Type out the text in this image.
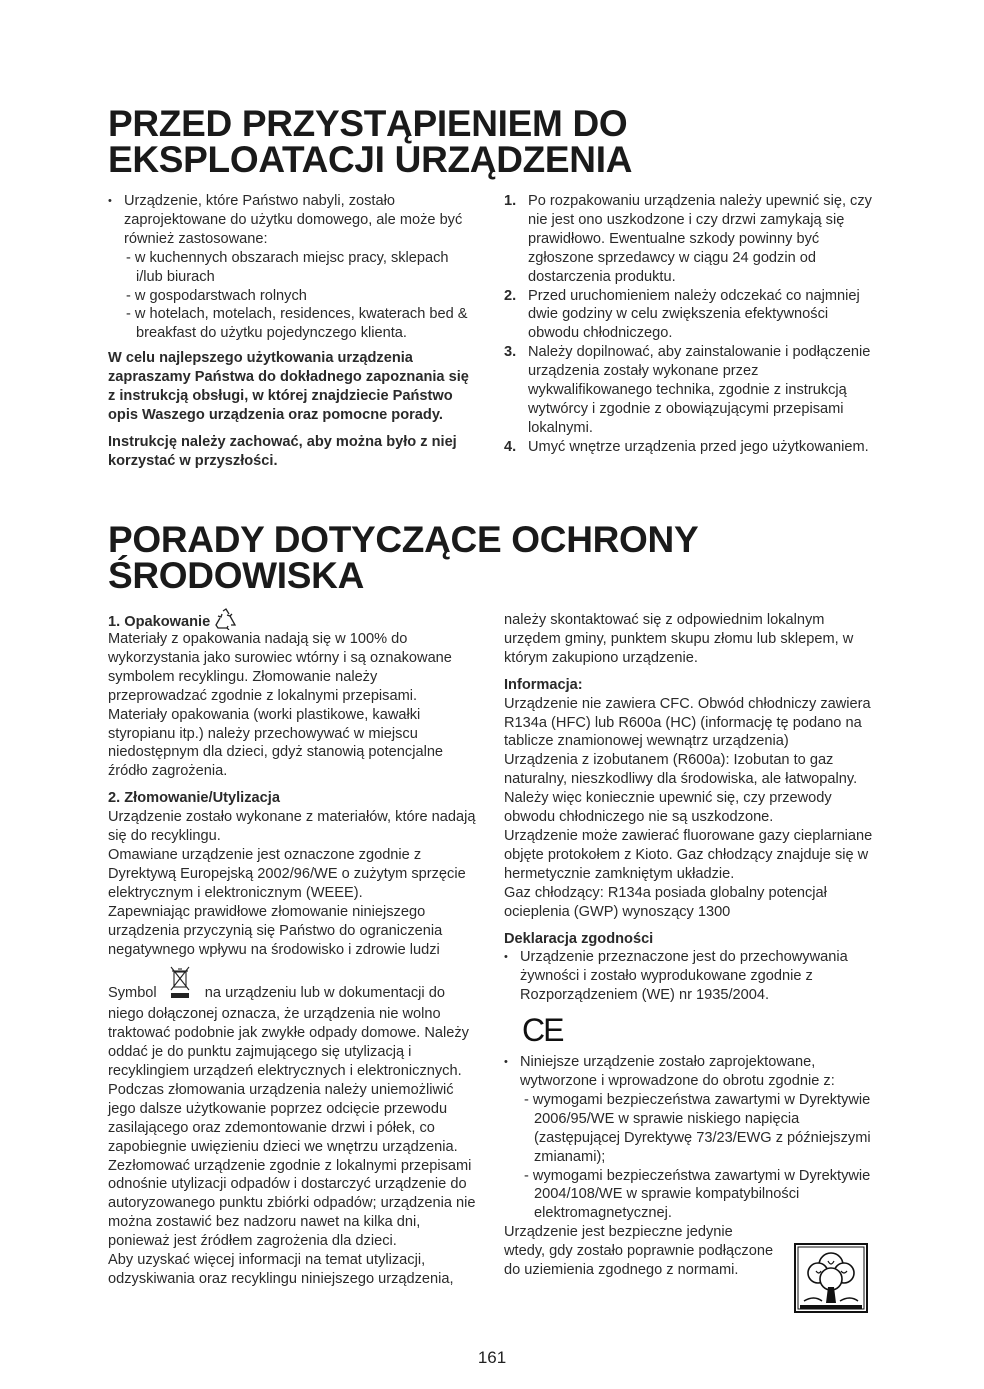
PRZED PRZYSTĄPIENIEM DO
EKSPLOATACJI URZĄDZENIA

• Urządzenie, które Państwo nabyli, zostało zaprojektowane do użytku domowego, ale może być również zastosowane:

- w kuchennych obszarach miejsc pracy, sklepach i/lub biurach

- w gospodarstwach rolnych

- w hotelach, motelach, residences, kwaterach bed & breakfast do użytku pojedynczego klienta.

W celu najlepszego użytkowania urządzenia zapraszamy Państwa do dokładnego zapoznania się z instrukcją obsługi, w której znajdziecie Państwo opis Waszego urządzenia oraz pomocne porady.

Instrukcję należy zachować, aby można było z niej korzystać w przyszłości.

1. Po rozpakowaniu urządzenia należy upewnić się, czy nie jest ono uszkodzone i czy drzwi zamykają się prawidłowo. Ewentualne szkody powinny być zgłoszone sprzedawcy w ciągu 24 godzin od dostarczenia produktu.

2. Przed uruchomieniem należy odczekać co najmniej dwie godziny w celu zwiększenia efektywności obwodu chłodniczego.

3. Należy dopilnować, aby zainstalowanie i podłączenie urządzenia zostały wykonane przez wykwalifikowanego technika, zgodnie z instrukcją wytwórcy i zgodnie z obowiązującymi przepisami lokalnymi.

4. Umyć wnętrze urządzenia przed jego użytkowaniem.

PORADY DOTYCZĄCE OCHRONY
ŚRODOWISKA

1. Opakowanie

Materiały z opakowania nadają się w 100% do wykorzystania jako surowiec wtórny i są oznakowane symbolem recyklingu. Złomowanie należy przeprowadzać zgodnie z lokalnymi przepisami. Materiały opakowania (worki plastikowe, kawałki styropianu itp.) należy przechowywać w miejscu niedostępnym dla dzieci, gdyż stanowią potencjalne źródło zagrożenia.

2. Złomowanie/Utylizacja

Urządzenie zostało wykonane z materiałów, które nadają się do recyklingu.

Omawiane urządzenie jest oznaczone zgodnie z Dyrektywą Europejską 2002/96/WE o zużytym sprzęcie elektrycznym i elektronicznym (WEEE).

Zapewniając prawidłowe złomowanie niniejszego urządzenia przyczynią się Państwo do ograniczenia negatywnego wpływu na środowisko i zdrowie ludzi

Symbol	na urządzeniu lub w dokumentacji do niego dołączonej oznacza, że urządzenia nie wolno traktować podobnie jak zwykłe odpady domowe. Należy oddać je do punktu zajmującego się utylizacją i recyklingiem urządzeń elektrycznych i elektronicznych. Podczas złomowania urządzenia należy uniemożliwić jego dalsze użytkowanie poprzez odcięcie przewodu zasilającego oraz zdemontowanie drzwi i półek, co zapobiegnie uwięzieniu dzieci we wnętrzu urządzenia. Zezłomować urządzenie zgodnie z lokalnymi przepisami odnośnie utylizacji odpadów i dostarczyć urządzenie do autoryzowanego punktu zbiórki odpadów; urządzenia nie można zostawić bez nadzoru nawet na kilka dni, ponieważ jest źródłem zagrożenia dla dzieci.

Aby uzyskać więcej informacji na temat utylizacji, odzyskiwania oraz recyklingu niniejszego urządzenia,

należy skontaktować się z odpowiednim lokalnym urzędem gminy, punktem skupu złomu lub sklepem, w którym zakupiono urządzenie.

Informacja:

Urządzenie nie zawiera CFC. Obwód chłodniczy zawiera R134a (HFC) lub R600a (HC) (informację tę podano na tablicze znamionowej wewnątrz urządzenia)

Urządzenia z izobutanem (R600a): Izobutan to gaz naturalny, nieszkodliwy dla środowiska, ale łatwopalny. Należy więc koniecznie upewnić się, czy przewody obwodu chłodniczego nie są uszkodzone.

Urządzenie może zawierać fluorowane gazy cieplarniane objęte protokołem z Kioto. Gaz chłodzący znajduje się w hermetycznie zamkniętym układzie.

Gaz chłodzący: R134a posiada globalny potencjał ocieplenia (GWP) wynoszący 1300

Deklaracja zgodności

• Urządzenie przeznaczone jest do przechowywania żywności i zostało wyprodukowane zgodnie z Rozporządzeniem (WE) nr 1935/2004.

CE

• Niniejsze urządzenie zostało zaprojektowane, wytworzone i wprowadzone do obrotu zgodnie z:

- wymogami bezpieczeństwa zawartymi w Dyrektywie 2006/95/WE w sprawie niskiego napięcia (zastępującej Dyrektywę 73/23/EWG z późniejszymi zmianami);

- wymogami bezpieczeństwa zawartymi w Dyrektywie 2004/108/WE w sprawie kompatybilności elektromagnetycznej.

Urządzenie jest bezpieczne jedynie wtedy, gdy zostało poprawnie podłączone do uziemienia zgodnego z normami.

161
